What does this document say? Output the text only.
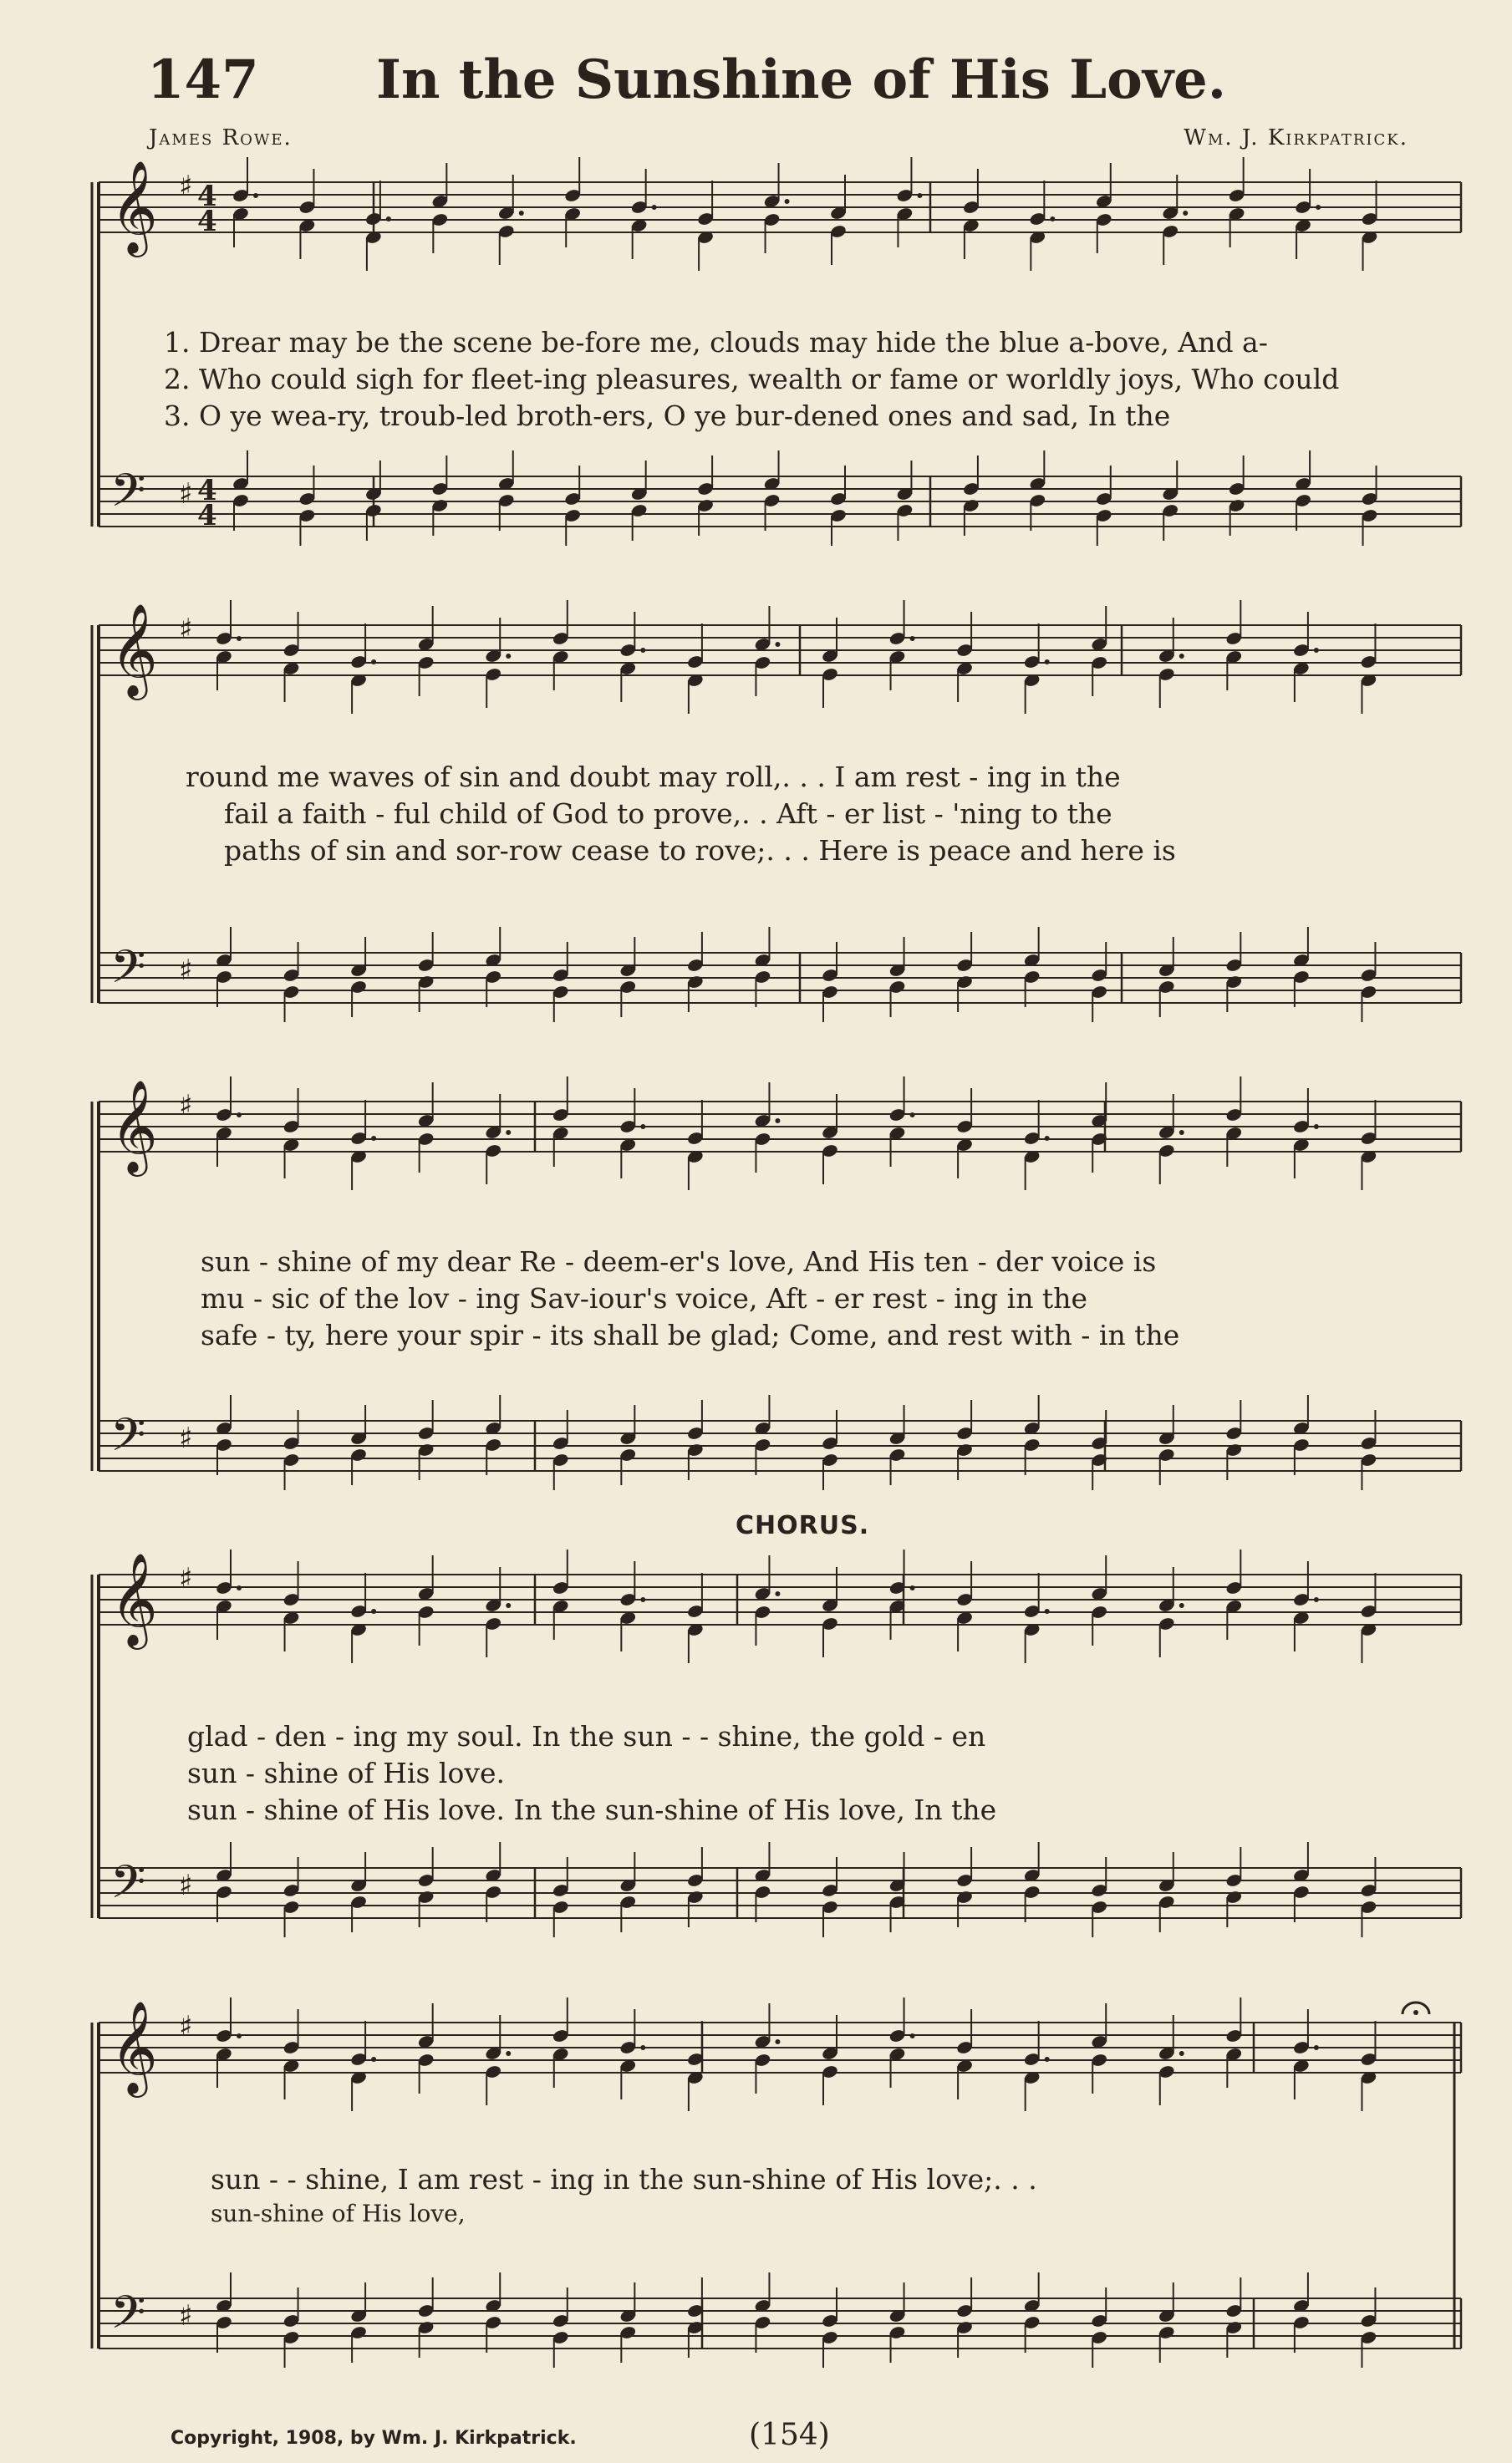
147 In the Sunshine of His Love.
James Rowe.	Wm. J. Kirkpatrick.
𝄞
𝄢
♯
♯
4
4
4
4
𝄞
𝄢
♯
♯
𝄞
𝄢
♯
♯
𝄞
𝄢
♯
♯
𝄞
𝄢
♯
♯
1. Drear may be the scene be-fore me, clouds may hide the blue a-bove, And a-
2. Who could sigh for fleet-ing pleasures, wealth or fame or worldly joys, Who could
3. O ye wea-ry, troub-led broth-ers, O ye bur-dened ones and sad, In the
round me waves of sin and doubt may roll,. . . I am rest - ing in the
fail a faith - ful child of God to prove,. . Aft - er list - 'ning to the
paths of sin and sor-row cease to rove;. . . Here is peace and here is
sun - shine of my dear Re - deem-er's love, And His ten - der voice is
mu - sic of the lov - ing Sav-iour's voice, Aft - er rest - ing in the
safe - ty, here your spir - its shall be glad; Come, and rest with - in the
CHORUS.
glad - den - ing my soul. In the sun - - shine, the gold - en
sun - shine of His love.
sun - shine of His love. In the sun-shine of His love, In the
sun - - shine, I am rest - ing in the sun-shine of His love;. . .
sun-shine of His love,
Copyright, 1908, by Wm. J. Kirkpatrick.	(154)
